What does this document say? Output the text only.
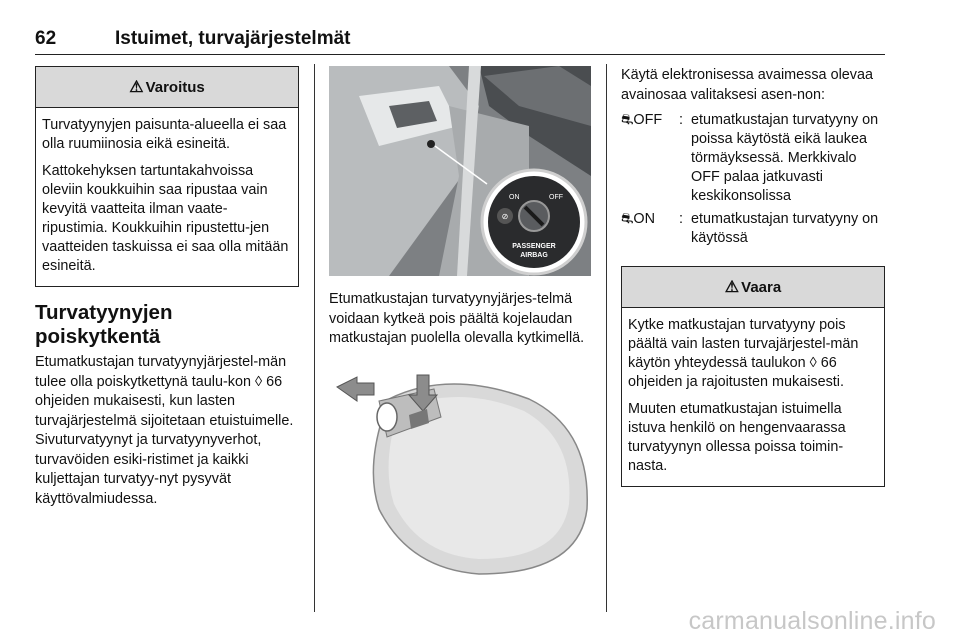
62	Istuimet, turvajärjestelmät
⚠ Varoitus

Turvatyynyjen paisunta-alueella ei saa olla ruumiinosia eikä esineitä.

Kattokehyksen tartuntakahvoissa oleviin koukkuihin saa ripustaa vain kevyitä vaatteita ilman vaate-ripustimia. Koukkuihin ripustettu-jen vaatteiden taskuissa ei saa olla mitään esineitä.

Turvatyynyjen poiskytkentä

Etumatkustajan turvatyynyjärjestel-män tulee olla poiskytkettynä taulu-kon ◊ 66 ohjeiden mukaisesti, kun lasten turvajärjestelmä sijoitetaan etuistuimelle. Sivuturvatyynyt ja turvatyynyverhot, turvavöiden esiki-ristimet ja kaikki kuljettajan turvatyy-nyt pysyvät käyttövalmiudessa.

⊘
ON	OFF
PASSENGER
AIRBAG

Etumatkustajan turvatyynyjärjes-telmä voidaan kytkeä pois päältä kojelaudan matkustajan puolella olevalla kytkimellä.

Käytä elektronisessa avaimessa olevaa avainosaa valitaksesi asen-non:

⛐OFF	: etumatkustajan turvatyyny on poissa käytöstä eikä laukea törmäyksessä. Merkkivalo OFF palaa jatkuvasti keskikonsolissa
⛐ON	: etumatkustajan turvatyyny on käytössä
⚠ Vaara

Kytke matkustajan turvatyyny pois päältä vain lasten turvajärjestel-män käytön yhteydessä taulukon ◊ 66 ohjeiden ja rajoitusten mukaisesti.

Muuten etumatkustajan istuimella istuva henkilö on hengenvaarassa turvatyynyn ollessa poissa toimin-nasta.

carmanualsonline.info
